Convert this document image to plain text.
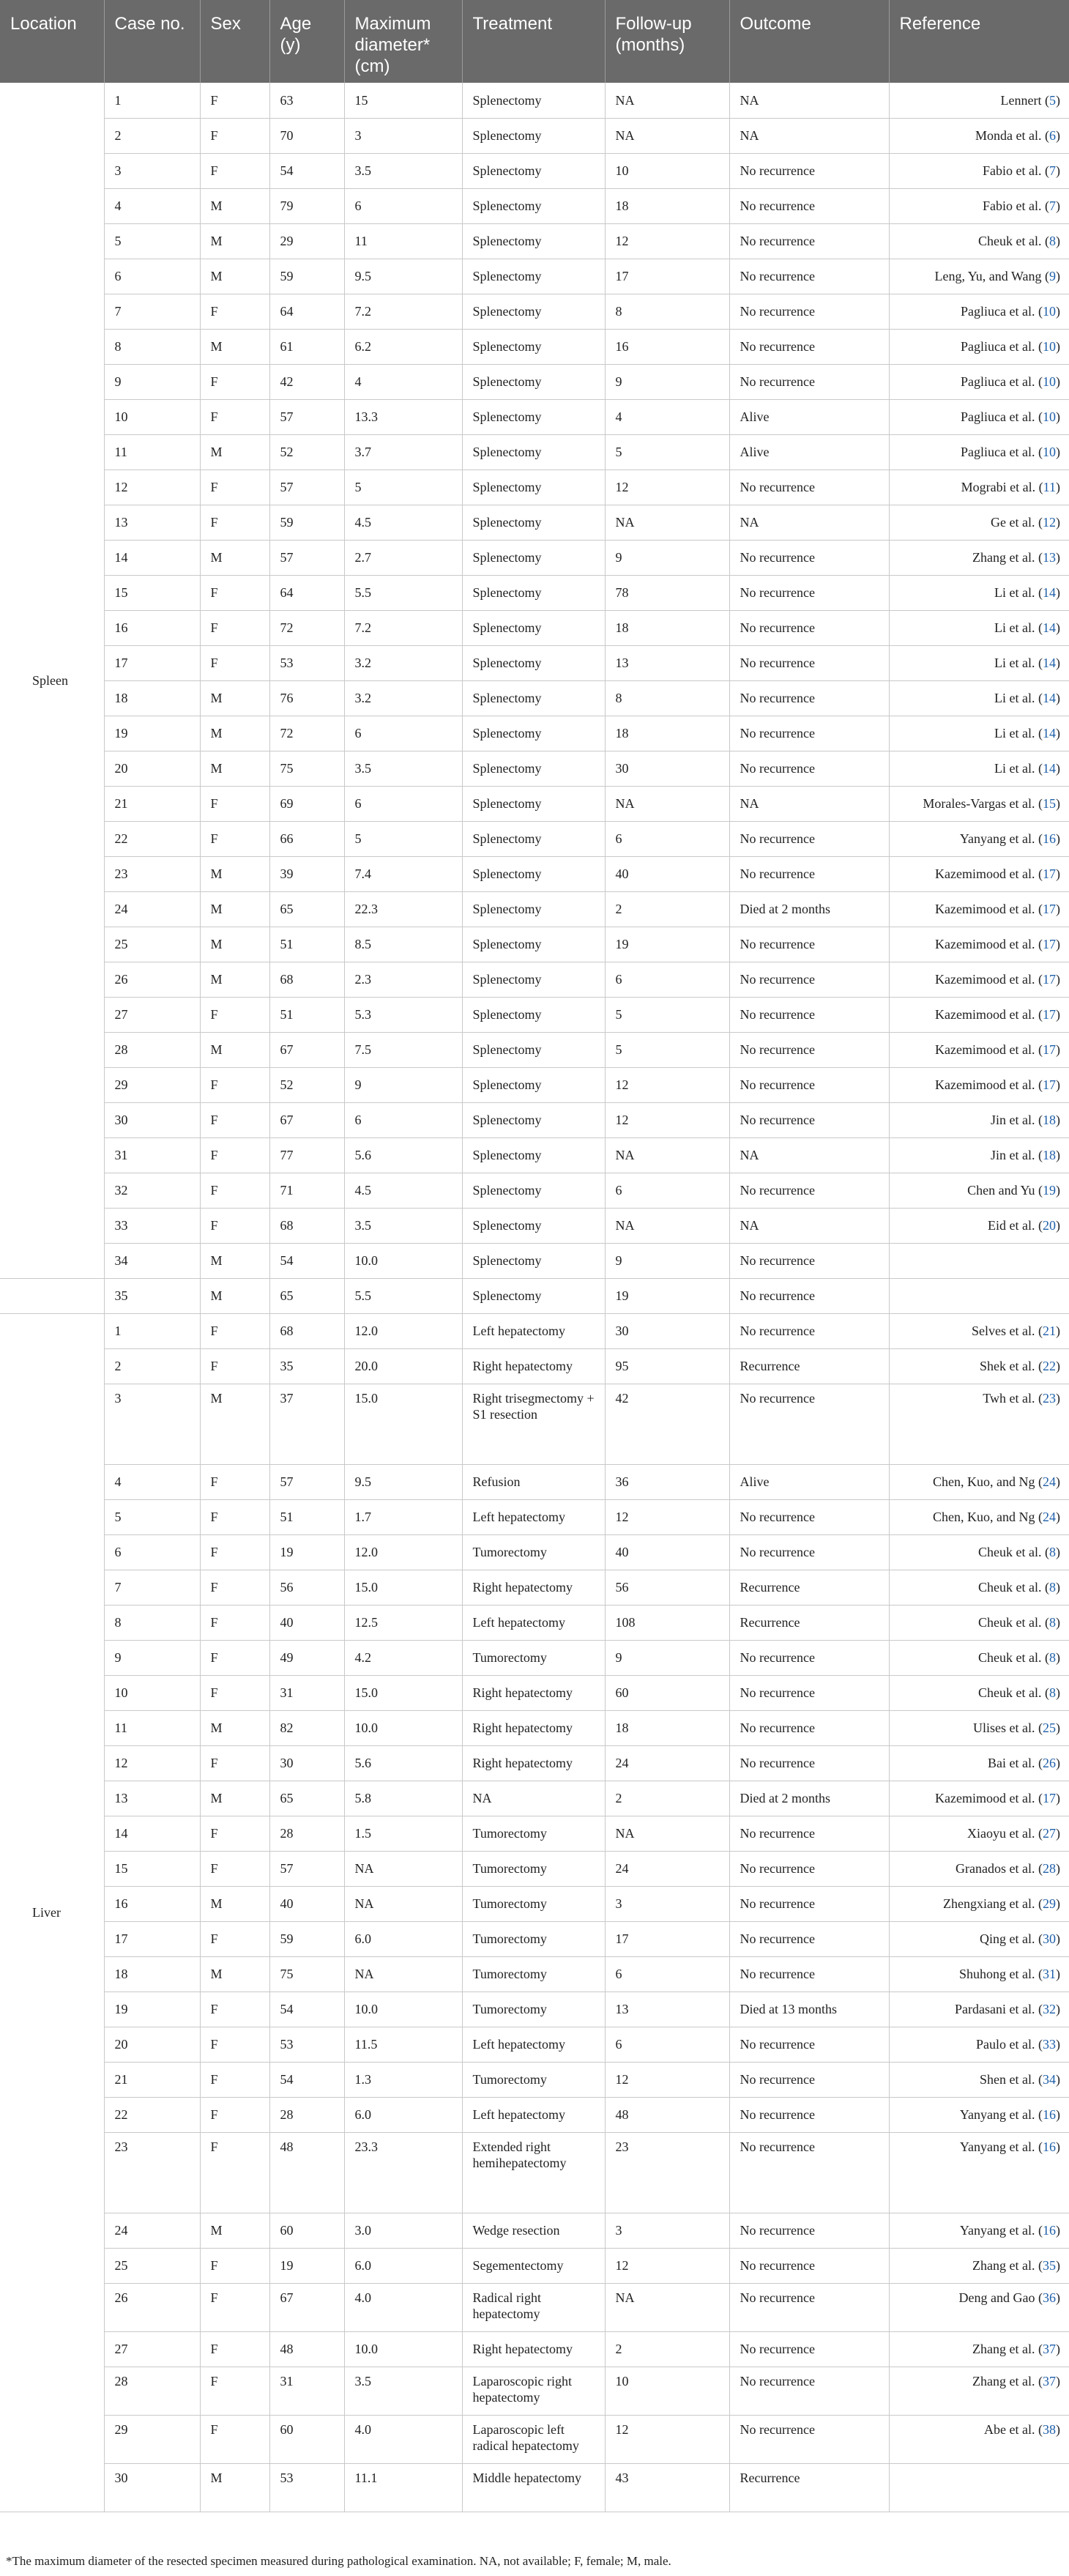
Location	Case no.	Sex	Age (y)	Maximum diameter* (cm)	Treatment	Follow-up (months)	Outcome	Reference
Spleen	1	F	63	15	Splenectomy	NA	NA	Lennert (5)
	2	F	70	3	Splenectomy	NA	NA	Monda et al. (6)
	3	F	54	3.5	Splenectomy	10	No recurrence	Fabio et al. (7)
	4	M	79	6	Splenectomy	18	No recurrence	Fabio et al. (7)
	5	M	29	11	Splenectomy	12	No recurrence	Cheuk et al. (8)
	6	M	59	9.5	Splenectomy	17	No recurrence	Leng, Yu, and Wang (9)
	7	F	64	7.2	Splenectomy	8	No recurrence	Pagliuca et al. (10)
	8	M	61	6.2	Splenectomy	16	No recurrence	Pagliuca et al. (10)
	9	F	42	4	Splenectomy	9	No recurrence	Pagliuca et al. (10)
	10	F	57	13.3	Splenectomy	4	Alive	Pagliuca et al. (10)
	11	M	52	3.7	Splenectomy	5	Alive	Pagliuca et al. (10)
	12	F	57	5	Splenectomy	12	No recurrence	Mograbi et al. (11)
	13	F	59	4.5	Splenectomy	NA	NA	Ge et al. (12)
	14	M	57	2.7	Splenectomy	9	No recurrence	Zhang et al. (13)
	15	F	64	5.5	Splenectomy	78	No recurrence	Li et al. (14)
	16	F	72	7.2	Splenectomy	18	No recurrence	Li et al. (14)
	17	F	53	3.2	Splenectomy	13	No recurrence	Li et al. (14)
	18	M	76	3.2	Splenectomy	8	No recurrence	Li et al. (14)
	19	M	72	6	Splenectomy	18	No recurrence	Li et al. (14)
	20	M	75	3.5	Splenectomy	30	No recurrence	Li et al. (14)
	21	F	69	6	Splenectomy	NA	NA	Morales-Vargas et al. (15)
	22	F	66	5	Splenectomy	6	No recurrence	Yanyang et al. (16)
	23	M	39	7.4	Splenectomy	40	No recurrence	Kazemimood et al. (17)
	24	M	65	22.3	Splenectomy	2	Died at 2 months	Kazemimood et al. (17)
	25	M	51	8.5	Splenectomy	19	No recurrence	Kazemimood et al. (17)
	26	M	68	2.3	Splenectomy	6	No recurrence	Kazemimood et al. (17)
	27	F	51	5.3	Splenectomy	5	No recurrence	Kazemimood et al. (17)
	28	M	67	7.5	Splenectomy	5	No recurrence	Kazemimood et al. (17)
	29	F	52	9	Splenectomy	12	No recurrence	Kazemimood et al. (17)
	30	F	67	6	Splenectomy	12	No recurrence	Jin et al. (18)
	31	F	77	5.6	Splenectomy	NA	NA	Jin et al. (18)
	32	F	71	4.5	Splenectomy	6	No recurrence	Chen and Yu (19)
	33	F	68	3.5	Splenectomy	NA	NA	Eid et al. (20)
	34	M	54	10.0	Splenectomy	9	No recurrence	
	35	M	65	5.5	Splenectomy	19	No recurrence	
Liver	1	F	68	12.0	Left hepatectomy	30	No recurrence	Selves et al. (21)
	2	F	35	20.0	Right hepatectomy	95	Recurrence	Shek et al. (22)
	3	M	37	15.0	Right trisegmectomy + S1 resection	42	No recurrence	Twh et al. (23)
	4	F	57	9.5	Refusion	36	Alive	Chen, Kuo, and Ng (24)
	5	F	51	1.7	Left hepatectomy	12	No recurrence	Chen, Kuo, and Ng (24)
	6	F	19	12.0	Tumorectomy	40	No recurrence	Cheuk et al. (8)
	7	F	56	15.0	Right hepatectomy	56	Recurrence	Cheuk et al. (8)
	8	F	40	12.5	Left hepatectomy	108	Recurrence	Cheuk et al. (8)
	9	F	49	4.2	Tumorectomy	9	No recurrence	Cheuk et al. (8)
	10	F	31	15.0	Right hepatectomy	60	No recurrence	Cheuk et al. (8)
	11	M	82	10.0	Right hepatectomy	18	No recurrence	Ulises et al. (25)
	12	F	30	5.6	Right hepatectomy	24	No recurrence	Bai et al. (26)
	13	M	65	5.8	NA	2	Died at 2 months	Kazemimood et al. (17)
	14	F	28	1.5	Tumorectomy	NA	No recurrence	Xiaoyu et al. (27)
	15	F	57	NA	Tumorectomy	24	No recurrence	Granados et al. (28)
	16	M	40	NA	Tumorectomy	3	No recurrence	Zhengxiang et al. (29)
	17	F	59	6.0	Tumorectomy	17	No recurrence	Qing et al. (30)
	18	M	75	NA	Tumorectomy	6	No recurrence	Shuhong et al. (31)
	19	F	54	10.0	Tumorectomy	13	Died at 13 months	Pardasani et al. (32)
	20	F	53	11.5	Left hepatectomy	6	No recurrence	Paulo et al. (33)
	21	F	54	1.3	Tumorectomy	12	No recurrence	Shen et al. (34)
	22	F	28	6.0	Left hepatectomy	48	No recurrence	Yanyang et al. (16)
	23	F	48	23.3	Extended right hemihepatectomy	23	No recurrence	Yanyang et al. (16)
	24	M	60	3.0	Wedge resection	3	No recurrence	Yanyang et al. (16)
	25	F	19	6.0	Segementectomy	12	No recurrence	Zhang et al. (35)
	26	F	67	4.0	Radical right hepatectomy	NA	No recurrence	Deng and Gao (36)
	27	F	48	10.0	Right hepatectomy	2	No recurrence	Zhang et al. (37)
	28	F	31	3.5	Laparoscopic right hepatectomy	10	No recurrence	Zhang et al. (37)
	29	F	60	4.0	Laparoscopic left radical hepatectomy	12	No recurrence	Abe et al. (38)
	30	M	53	11.1	Middle hepatectomy	43	Recurrence	
*The maximum diameter of the resected specimen measured during pathological examination. NA, not available; F, female; M, male.
